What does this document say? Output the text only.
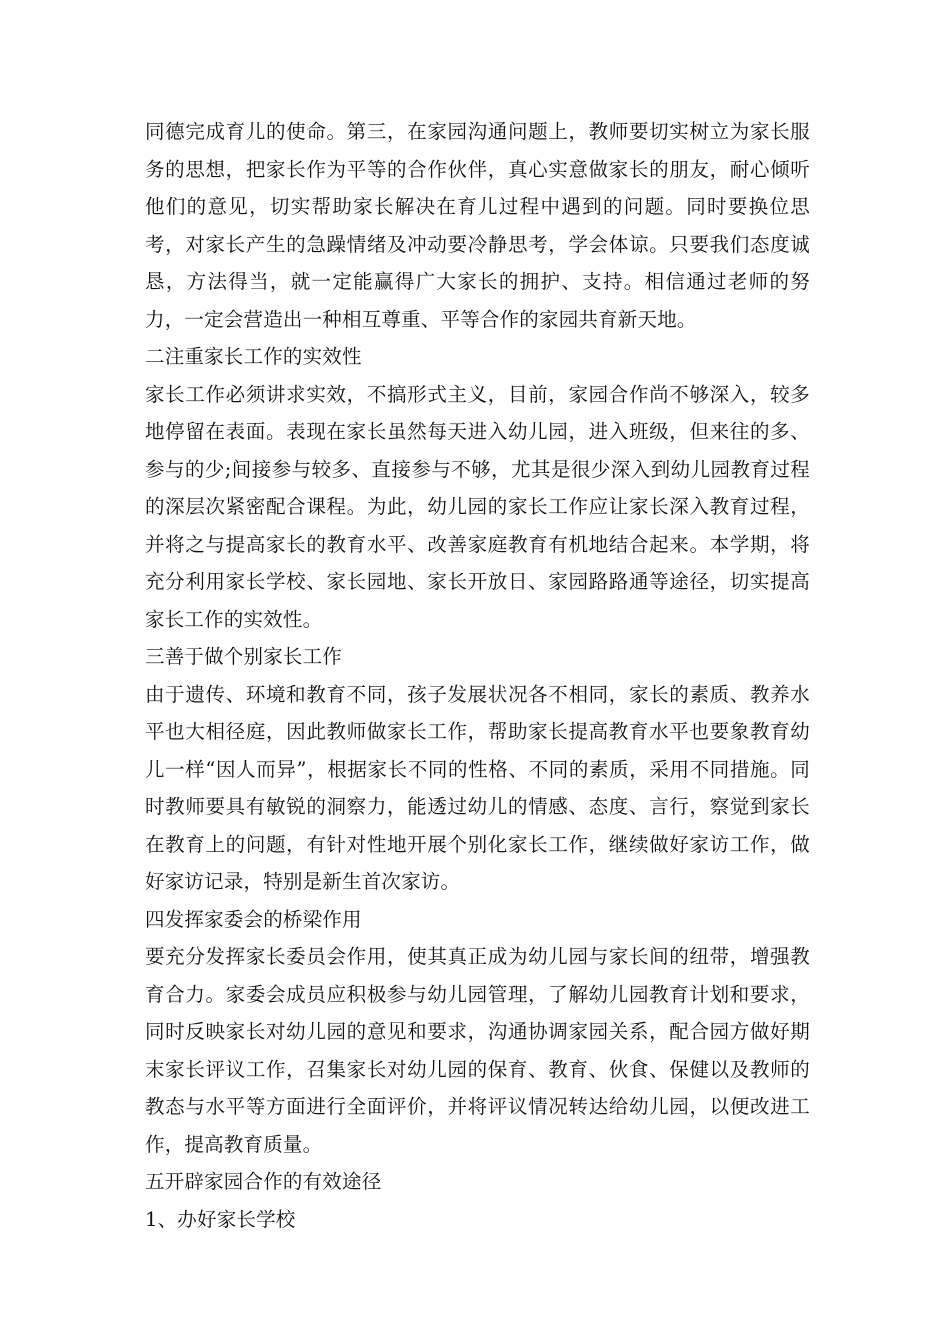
同德完成育儿的使命。第三，在家园沟通问题上，教师要切实树立为家长服务的思想，把家长作为平等的合作伙伴，真心实意做家长的朋友，耐心倾听他们的意见，切实帮助家长解决在育儿过程中遇到的问题。同时要换位思考，对家长产生的急躁情绪及冲动要冷静思考，学会体谅。只要我们态度诚恳，方法得当，就一定能赢得广大家长的拥护、支持。相信通过老师的努力，一定会营造出一种相互尊重、平等合作的家园共育新天地。

二注重家长工作的实效性

家长工作必须讲求实效，不搞形式主义，目前，家园合作尚不够深入，较多地停留在表面。表现在家长虽然每天进入幼儿园，进入班级，但来往的多、参与的少;间接参与较多、直接参与不够，尤其是很少深入到幼儿园教育过程的深层次紧密配合课程。为此，幼儿园的家长工作应让家长深入教育过程，并将之与提高家长的教育水平、改善家庭教育有机地结合起来。本学期，将充分利用家长学校、家长园地、家长开放日、家园路路通等途径，切实提高家长工作的实效性。

三善于做个别家长工作

由于遗传、环境和教育不同，孩子发展状况各不相同，家长的素质、教养水平也大相径庭，因此教师做家长工作，帮助家长提高教育水平也要象教育幼儿一样“因人而异”，根据家长不同的性格、不同的素质，采用不同措施。同时教师要具有敏锐的洞察力，能透过幼儿的情感、态度、言行，察觉到家长在教育上的问题，有针对性地开展个别化家长工作，继续做好家访工作，做好家访记录，特别是新生首次家访。

四发挥家委会的桥梁作用

要充分发挥家长委员会作用，使其真正成为幼儿园与家长间的纽带，增强教育合力。家委会成员应积极参与幼儿园管理，了解幼儿园教育计划和要求，同时反映家长对幼儿园的意见和要求，沟通协调家园关系，配合园方做好期末家长评议工作，召集家长对幼儿园的保育、教育、伙食、保健以及教师的教态与水平等方面进行全面评价，并将评议情况转达给幼儿园，以便改进工作，提高教育质量。

五开辟家园合作的有效途径

1、办好家长学校
